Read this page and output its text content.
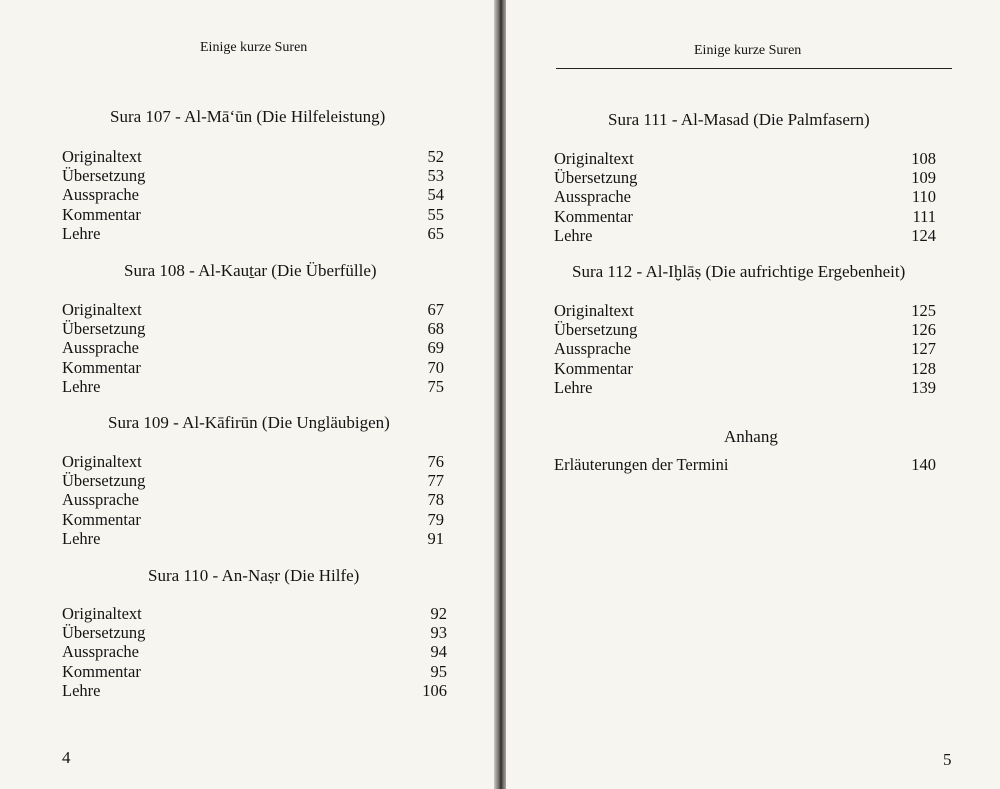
Einige kurze Suren
Sura 107 - Al-Mā‘ūn (Die Hilfeleistung)
Originaltext	52
Übersetzung	53
Aussprache	54
Kommentar	55
Lehre	65
Sura 108 - Al-Kauṯar (Die Überfülle)
Originaltext	67
Übersetzung	68
Aussprache	69
Kommentar	70
Lehre	75
Sura 109 - Al-Kāfirūn (Die Ungläubigen)
Originaltext	76
Übersetzung	77
Aussprache	78
Kommentar	79
Lehre	91
Sura 110 - An-Naṣr (Die Hilfe)
Originaltext	92
Übersetzung	93
Aussprache	94
Kommentar	95
Lehre	106
4
Einige kurze Suren
Sura 111 - Al-Masad (Die Palmfasern)
Originaltext	108
Übersetzung	109
Aussprache	110
Kommentar	111
Lehre	124
Sura 112 - Al-Iḫlāṣ (Die aufrichtige Ergebenheit)
Originaltext	125
Übersetzung	126
Aussprache	127
Kommentar	128
Lehre	139
Anhang
Erläuterungen der Termini	140
5
